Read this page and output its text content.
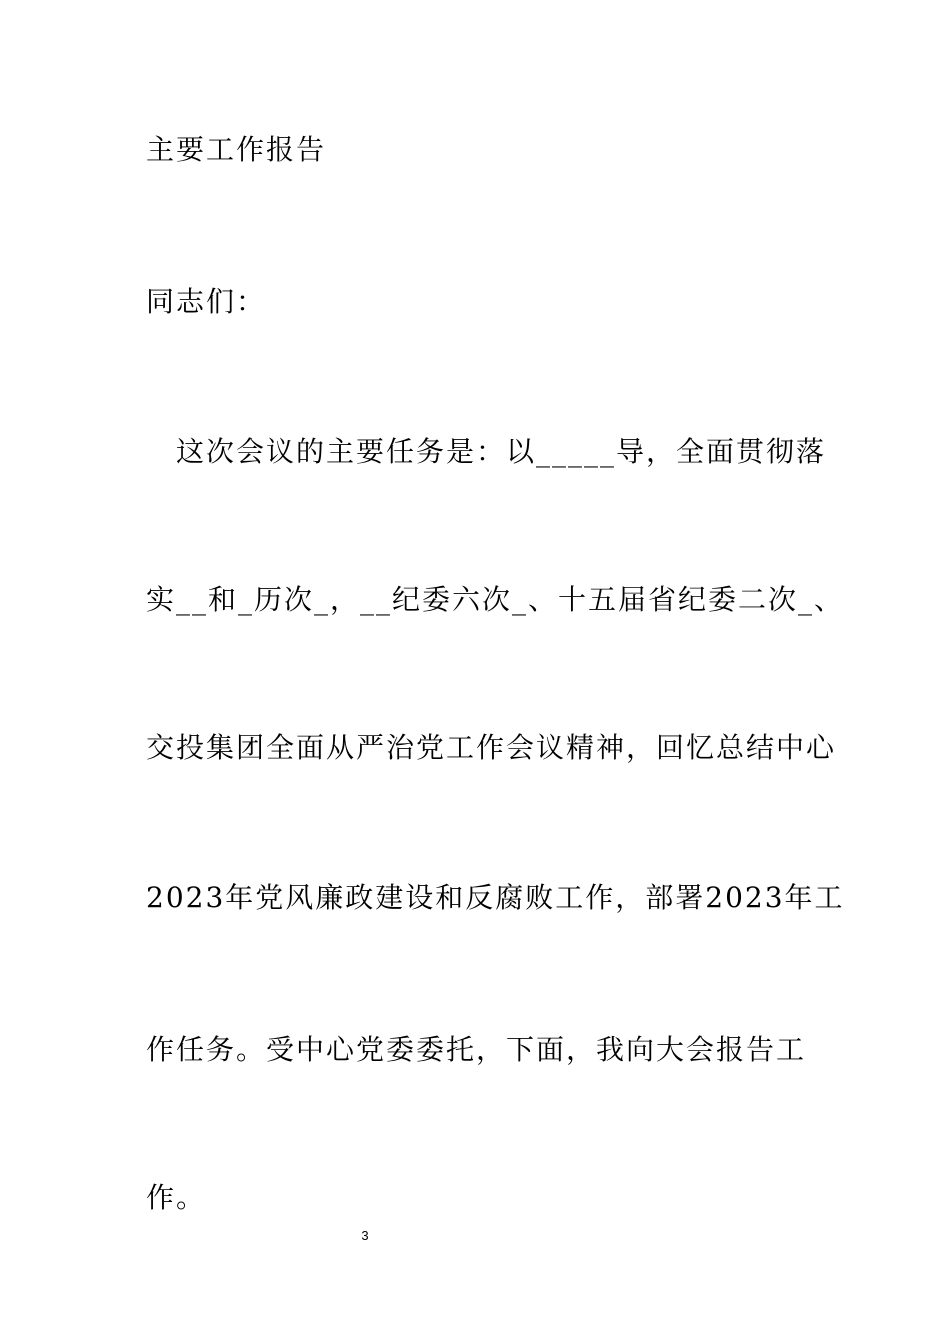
主要工作报告
同志们：
　这次会议的主要任务是：以_____导，全面贯彻落
实__和_历次_，__纪委六次_、十五届省纪委二次_、
交投集团全面从严治党工作会议精神，回忆总结中心
2023年党风廉政建设和反腐败工作，部署2023年工
作任务。受中心党委委托，下面，我向大会报告工
作。
3
